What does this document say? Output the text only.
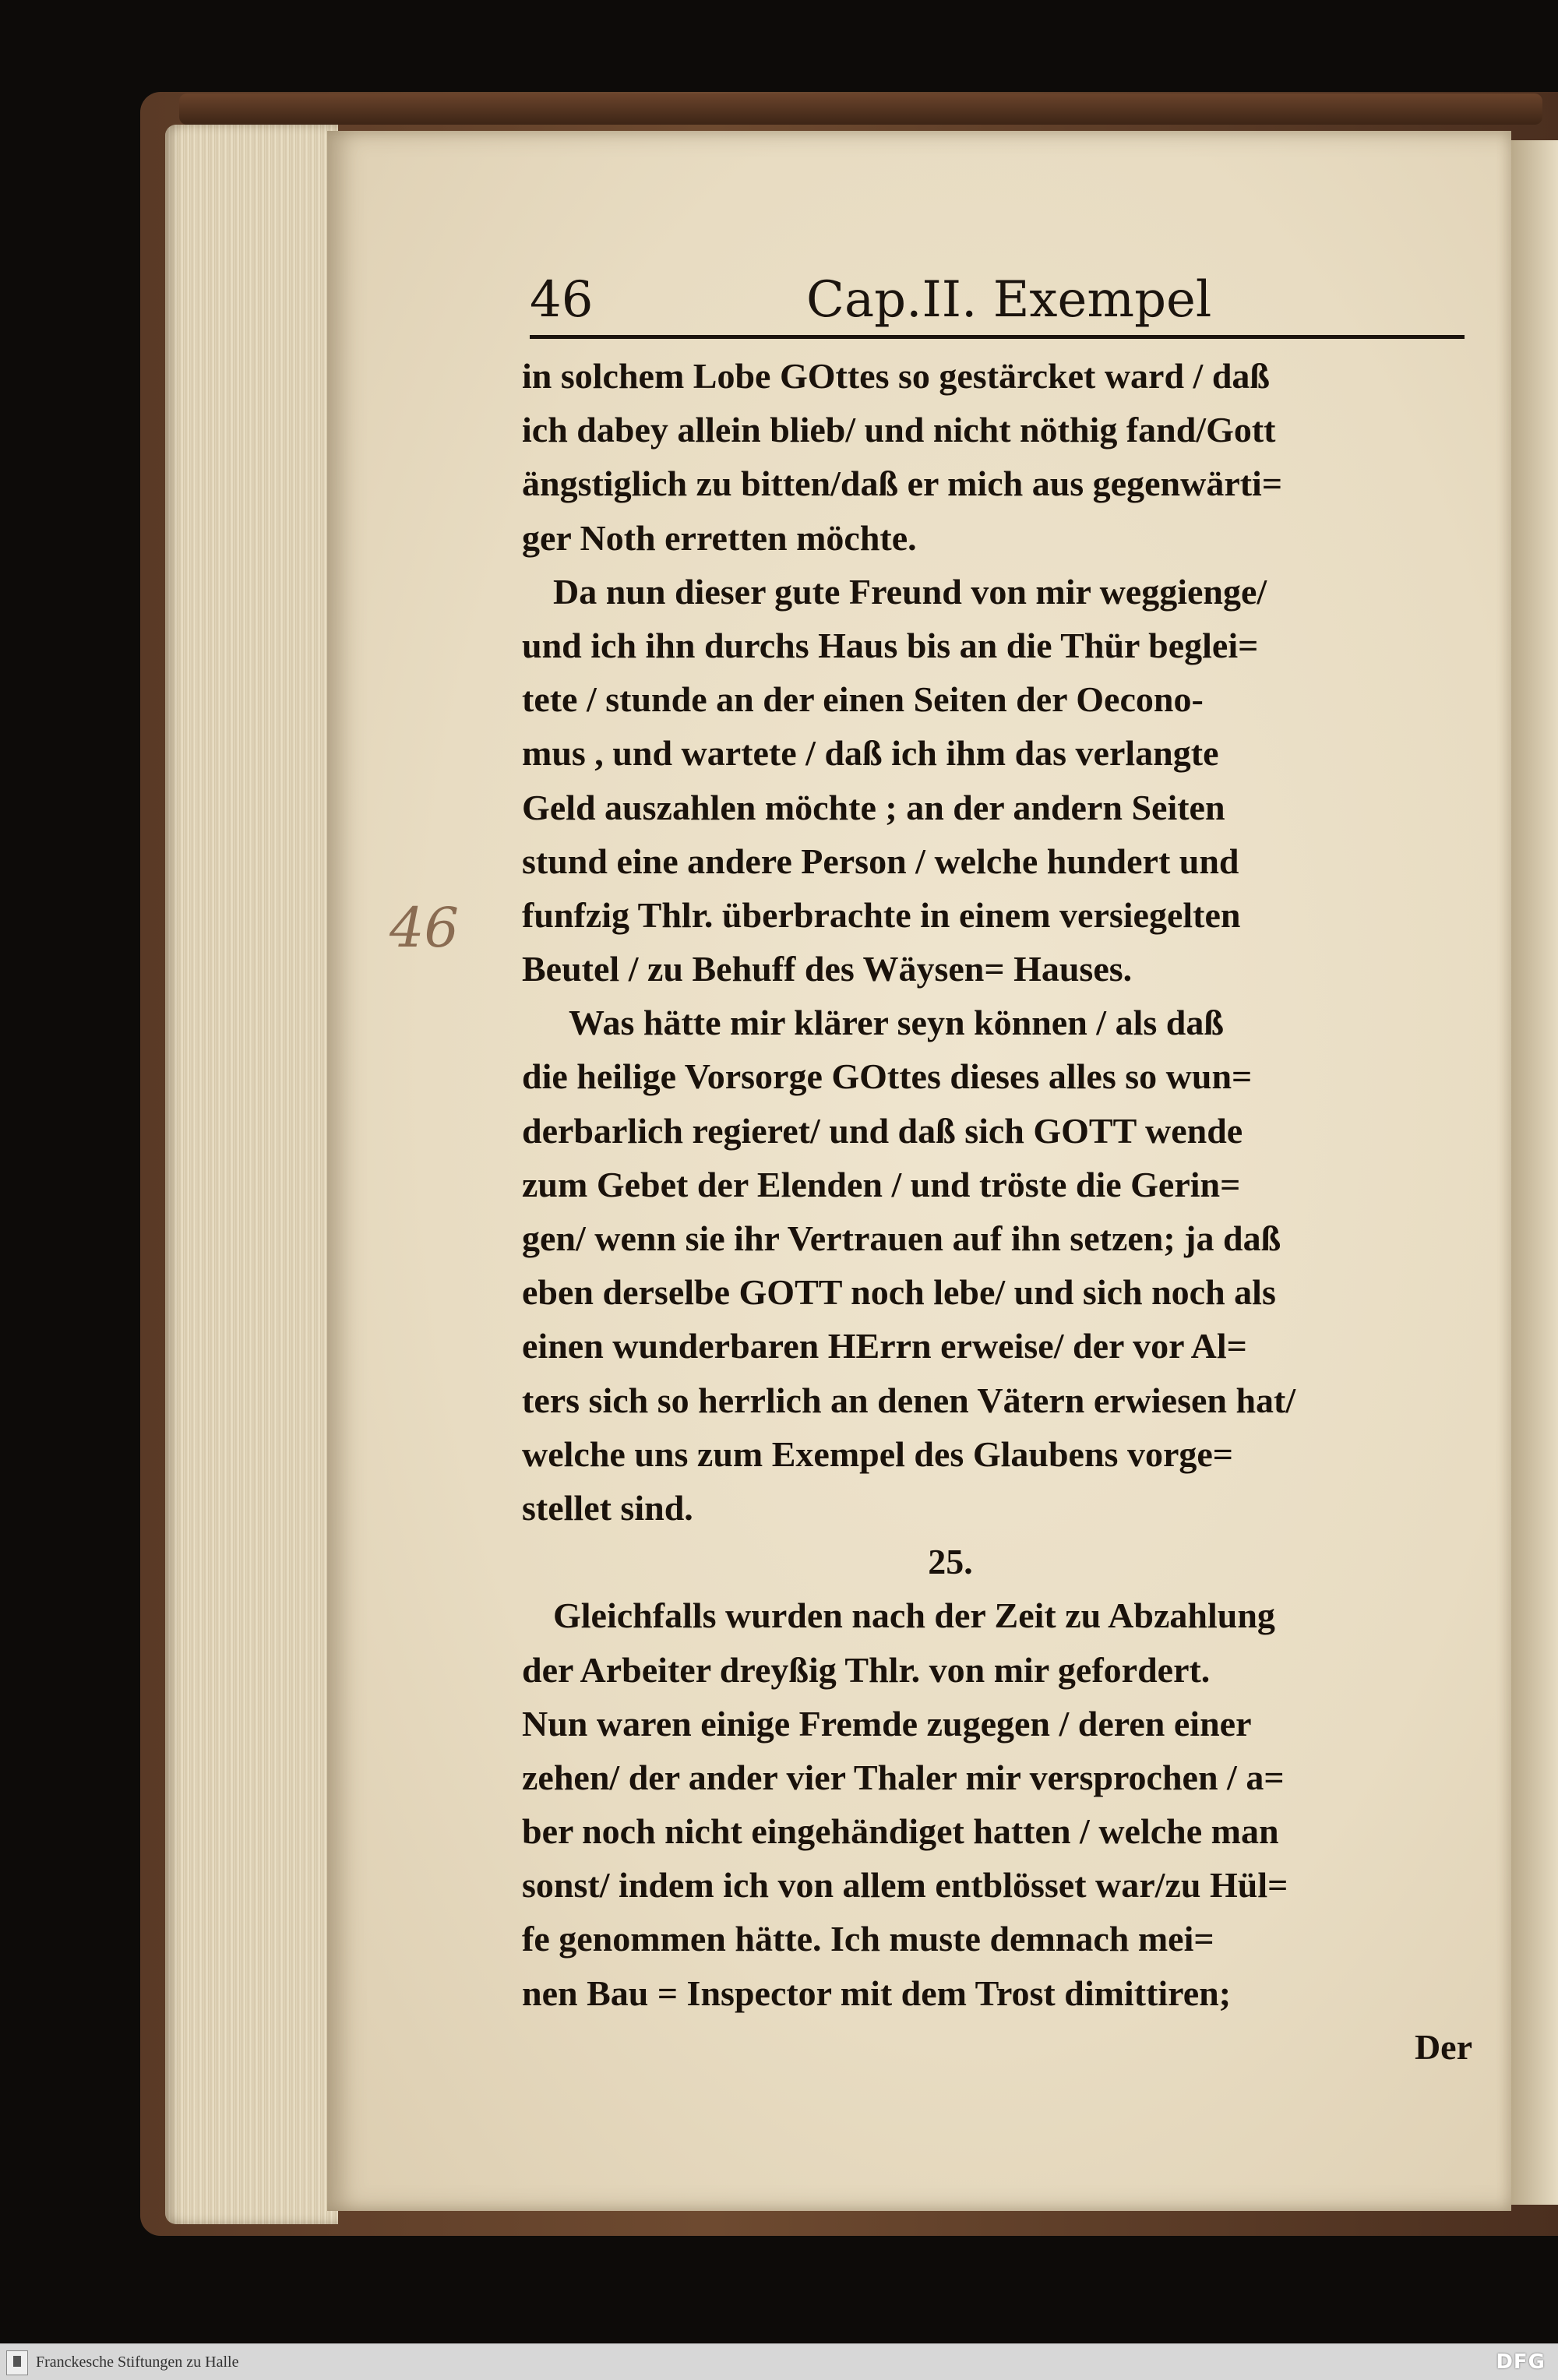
46
46	Cap.II. Exempel
in solchem Lobe GOttes so gestärcket ward / daß
ich dabey allein blieb/ und nicht nöthig fand/Gott
ängstiglich zu bitten/daß er mich aus gegenwärti=
ger Noth erretten möchte.
Da nun dieser gute Freund von mir weggienge/
und ich ihn durchs Haus bis an die Thür beglei=
tete / stunde an der einen Seiten der Oecono-
mus , und wartete / daß ich ihm das verlangte
Geld auszahlen möchte ; an der andern Seiten
stund eine andere Person / welche hundert und
funfzig Thlr. überbrachte in einem versiegelten
Beutel / zu Behuff des Wäysen= Hauses.
Was hätte mir klärer seyn können / als daß
die heilige Vorsorge GOttes dieses alles so wun=
derbarlich regieret/ und daß sich GOTT wende
zum Gebet der Elenden / und tröste die Gerin=
gen/ wenn sie ihr Vertrauen auf ihn setzen; ja daß
eben derselbe GOTT noch lebe/ und sich noch als
einen wunderbaren HErrn erweise/ der vor Al=
ters sich so herrlich an denen Vätern erwiesen hat/
welche uns zum Exempel des Glaubens vorge=
stellet sind.
25.
Gleichfalls wurden nach der Zeit zu Abzahlung
der Arbeiter dreyßig Thlr. von mir gefordert.
Nun waren einige Fremde zugegen / deren einer
zehen/ der ander vier Thaler mir versprochen / a=
ber noch nicht eingehändiget hatten / welche man
sonst/ indem ich von allem entblösset war/zu Hül=
fe genommen hätte. Ich muste demnach mei=
nen Bau = Inspector mit dem Trost dimittiren;
Der
Franckesche Stiftungen zu Halle	DFG
